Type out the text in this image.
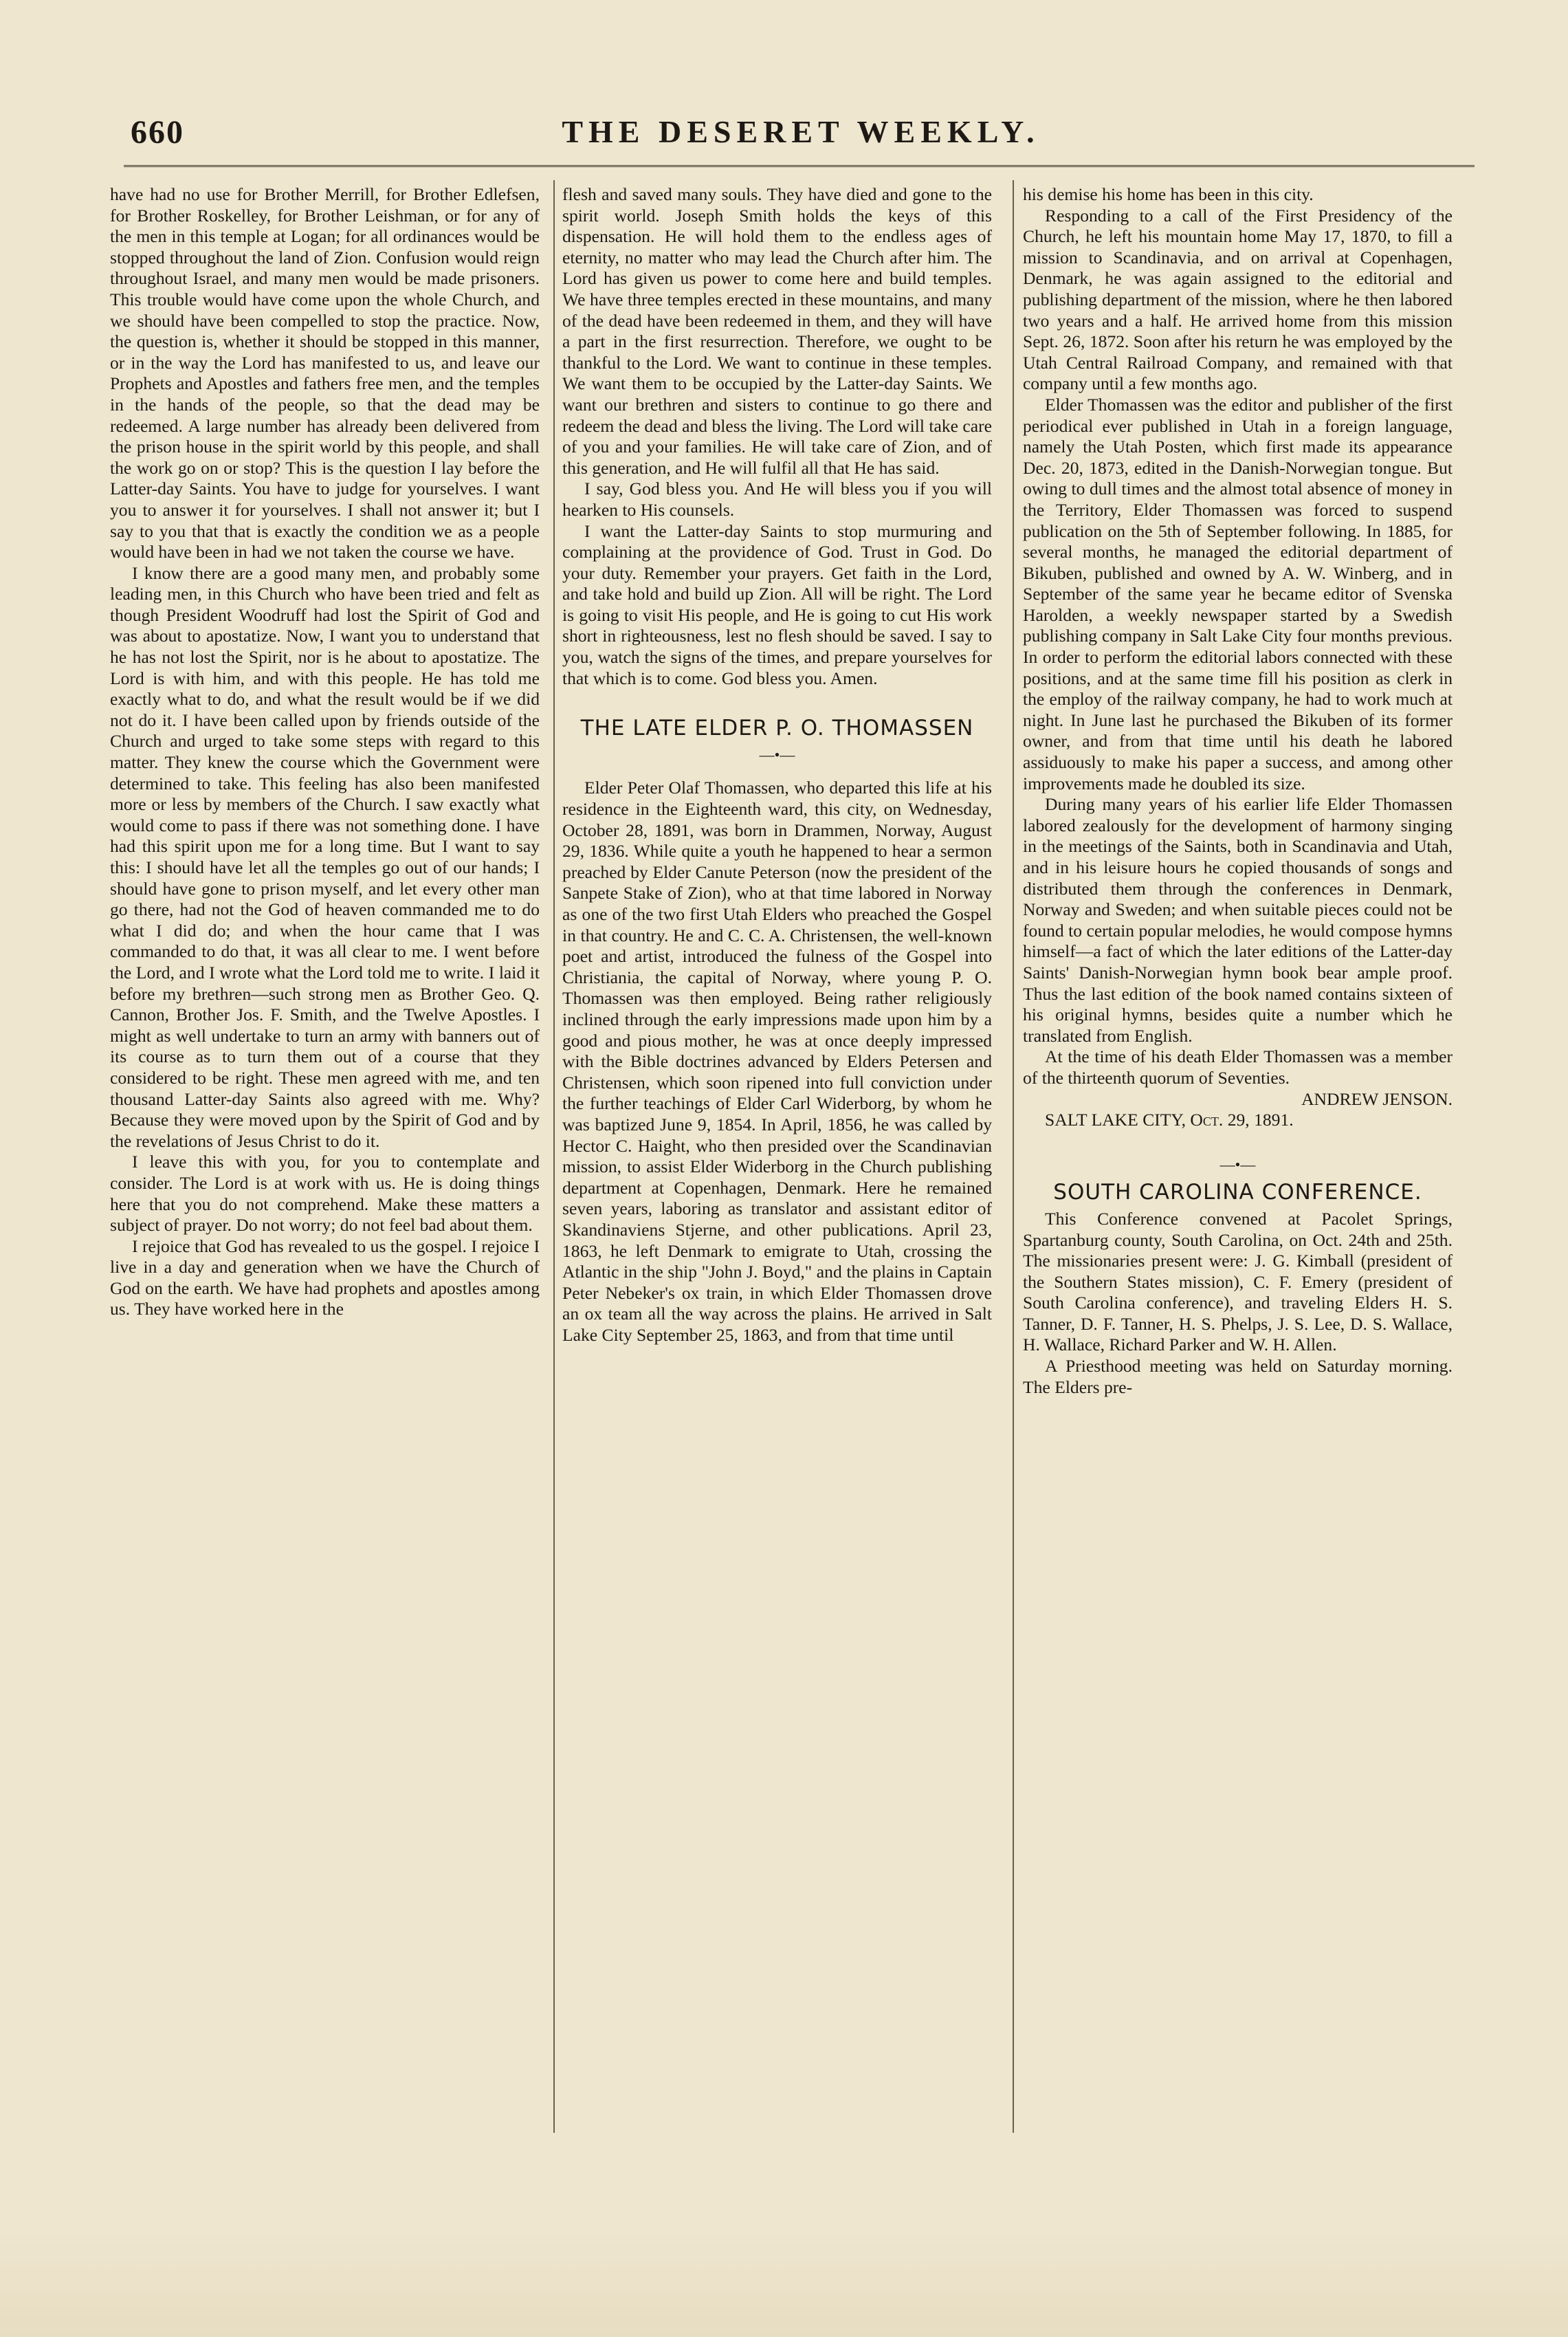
660	THE DESERET WEEKLY.

have had no use for Brother Merrill, for Brother Edlefsen, for Brother Roskelley, for Brother Leishman, or for any of the men in this temple at Logan; for all ordinances would be stopped throughout the land of Zion. Confusion would reign throughout Israel, and many men would be made prisoners. This trouble would have come upon the whole Church, and we should have been compelled to stop the practice. Now, the question is, whether it should be stopped in this manner, or in the way the Lord has manifested to us, and leave our Prophets and Apostles and fathers free men, and the temples in the hands of the people, so that the dead may be redeemed. A large number has already been delivered from the prison house in the spirit world by this people, and shall the work go on or stop? This is the question I lay before the Latter-day Saints. You have to judge for yourselves. I want you to answer it for yourselves. I shall not answer it; but I say to you that that is exactly the condition we as a people would have been in had we not taken the course we have.

I know there are a good many men, and probably some leading men, in this Church who have been tried and felt as though President Woodruff had lost the Spirit of God and was about to apostatize. Now, I want you to understand that he has not lost the Spirit, nor is he about to apostatize. The Lord is with him, and with this people. He has told me exactly what to do, and what the result would be if we did not do it. I have been called upon by friends outside of the Church and urged to take some steps with regard to this matter. They knew the course which the Government were determined to take. This feeling has also been manifested more or less by members of the Church. I saw exactly what would come to pass if there was not something done. I have had this spirit upon me for a long time. But I want to say this: I should have let all the temples go out of our hands; I should have gone to prison myself, and let every other man go there, had not the God of heaven commanded me to do what I did do; and when the hour came that I was commanded to do that, it was all clear to me. I went before the Lord, and I wrote what the Lord told me to write. I laid it before my brethren—such strong men as Brother Geo. Q. Cannon, Brother Jos. F. Smith, and the Twelve Apostles. I might as well undertake to turn an army with banners out of its course as to turn them out of a course that they considered to be right. These men agreed with me, and ten thousand Latter-day Saints also agreed with me. Why? Because they were moved upon by the Spirit of God and by the revelations of Jesus Christ to do it.

I leave this with you, for you to contemplate and consider. The Lord is at work with us. He is doing things here that you do not comprehend. Make these matters a subject of prayer. Do not worry; do not feel bad about them.

I rejoice that God has revealed to us the gospel. I rejoice I live in a day and generation when we have the Church of God on the earth. We have had prophets and apostles among us. They have worked here in the

flesh and saved many souls. They have died and gone to the spirit world. Joseph Smith holds the keys of this dispensation. He will hold them to the endless ages of eternity, no matter who may lead the Church after him. The Lord has given us power to come here and build temples. We have three temples erected in these mountains, and many of the dead have been redeemed in them, and they will have a part in the first resurrection. Therefore, we ought to be thankful to the Lord. We want to continue in these temples. We want them to be occupied by the Latter-day Saints. We want our brethren and sisters to continue to go there and redeem the dead and bless the living. The Lord will take care of you and your families. He will take care of Zion, and of this generation, and He will fulfil all that He has said.

I say, God bless you. And He will bless you if you will hearken to His counsels.

I want the Latter-day Saints to stop murmuring and complaining at the providence of God. Trust in God. Do your duty. Remember your prayers. Get faith in the Lord, and take hold and build up Zion. All will be right. The Lord is going to visit His people, and He is going to cut His work short in righteousness, lest no flesh should be saved. I say to you, watch the signs of the times, and prepare yourselves for that which is to come. God bless you. Amen.

THE LATE ELDER P. O. THOMASSEN
—•—

Elder Peter Olaf Thomassen, who departed this life at his residence in the Eighteenth ward, this city, on Wednesday, October 28, 1891, was born in Drammen, Norway, August 29, 1836. While quite a youth he happened to hear a sermon preached by Elder Canute Peterson (now the president of the Sanpete Stake of Zion), who at that time labored in Norway as one of the two first Utah Elders who preached the Gospel in that country. He and C. C. A. Christensen, the well-known poet and artist, introduced the fulness of the Gospel into Christiania, the capital of Norway, where young P. O. Thomassen was then employed. Being rather religiously inclined through the early impressions made upon him by a good and pious mother, he was at once deeply impressed with the Bible doctrines advanced by Elders Petersen and Christensen, which soon ripened into full conviction under the further teachings of Elder Carl Widerborg, by whom he was baptized June 9, 1854. In April, 1856, he was called by Hector C. Haight, who then presided over the Scandinavian mission, to assist Elder Widerborg in the Church publishing department at Copenhagen, Denmark. Here he remained seven years, laboring as translator and assistant editor of Skandinaviens Stjerne, and other publications. April 23, 1863, he left Denmark to emigrate to Utah, crossing the Atlantic in the ship "John J. Boyd," and the plains in Captain Peter Nebeker's ox train, in which Elder Thomassen drove an ox team all the way across the plains. He arrived in Salt Lake City September 25, 1863, and from that time until

his demise his home has been in this city.

Responding to a call of the First Presidency of the Church, he left his mountain home May 17, 1870, to fill a mission to Scandinavia, and on arrival at Copenhagen, Denmark, he was again assigned to the editorial and publishing department of the mission, where he then labored two years and a half. He arrived home from this mission Sept. 26, 1872. Soon after his return he was employed by the Utah Central Railroad Company, and remained with that company until a few months ago.

Elder Thomassen was the editor and publisher of the first periodical ever published in Utah in a foreign language, namely the Utah Posten, which first made its appearance Dec. 20, 1873, edited in the Danish-Norwegian tongue. But owing to dull times and the almost total absence of money in the Territory, Elder Thomassen was forced to suspend publication on the 5th of September following. In 1885, for several months, he managed the editorial department of Bikuben, published and owned by A. W. Winberg, and in September of the same year he became editor of Svenska Harolden, a weekly newspaper started by a Swedish publishing company in Salt Lake City four months previous. In order to perform the editorial labors connected with these positions, and at the same time fill his position as clerk in the employ of the railway company, he had to work much at night. In June last he purchased the Bikuben of its former owner, and from that time until his death he labored assiduously to make his paper a success, and among other improvements made he doubled its size.

During many years of his earlier life Elder Thomassen labored zealously for the development of harmony singing in the meetings of the Saints, both in Scandinavia and Utah, and in his leisure hours he copied thousands of songs and distributed them through the conferences in Denmark, Norway and Sweden; and when suitable pieces could not be found to certain popular melodies, he would compose hymns himself—a fact of which the later editions of the Latter-day Saints' Danish-Norwegian hymn book bear ample proof. Thus the last edition of the book named contains sixteen of his original hymns, besides quite a number which he translated from English.

At the time of his death Elder Thomassen was a member of the thirteenth quorum of Seventies.

ANDREW JENSON.

SALT LAKE CITY, Oct. 29, 1891.

—•—
SOUTH CAROLINA CONFERENCE.

This Conference convened at Pacolet Springs, Spartanburg county, South Carolina, on Oct. 24th and 25th. The missionaries present were: J. G. Kimball (president of the Southern States mission), C. F. Emery (president of South Carolina conference), and traveling Elders H. S. Tanner, D. F. Tanner, H. S. Phelps, J. S. Lee, D. S. Wallace, H. Wallace, Richard Parker and W. H. Allen.

A Priesthood meeting was held on Saturday morning. The Elders pre-
